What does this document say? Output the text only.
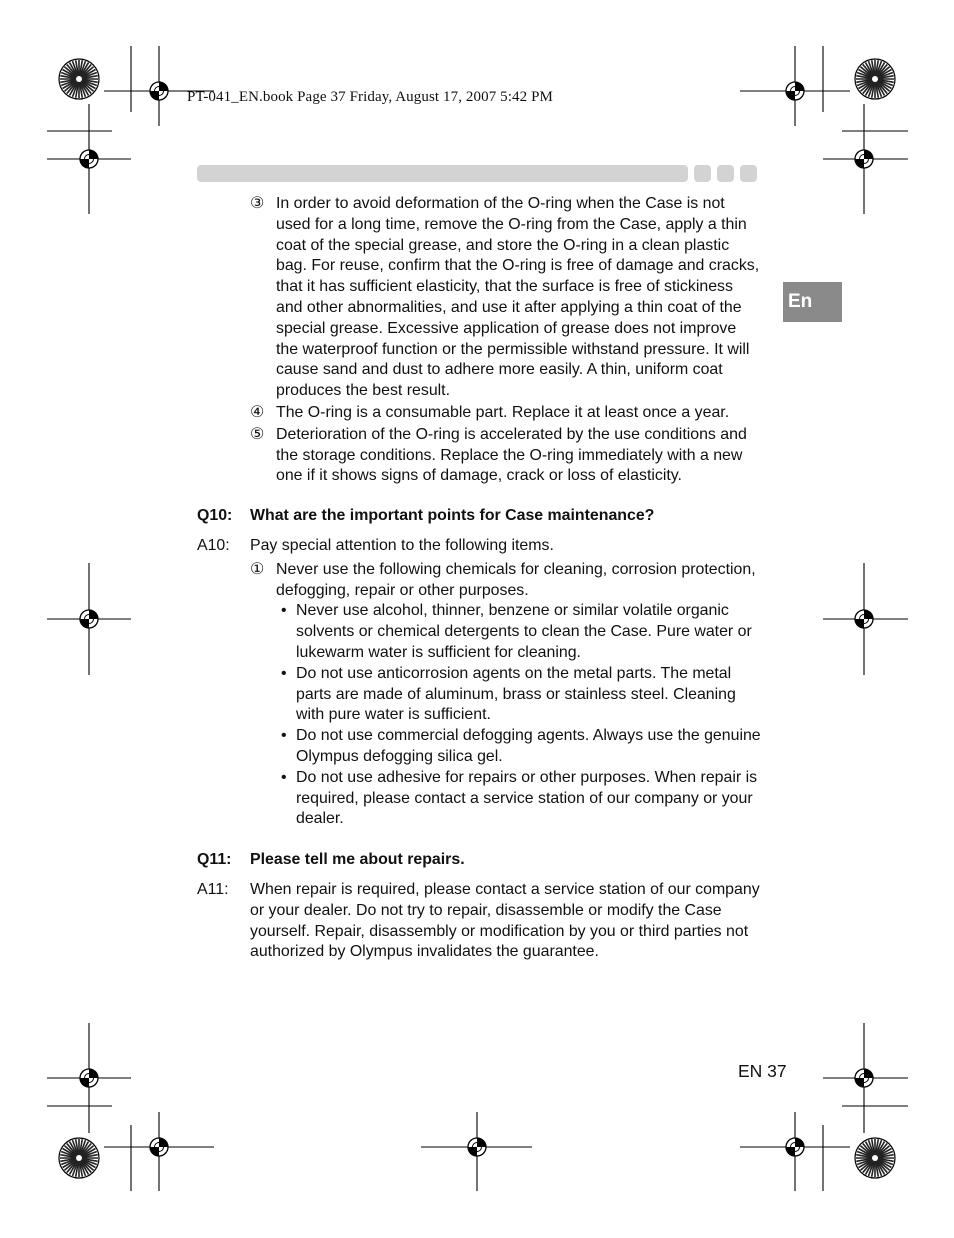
PT-041_EN.book Page 37 Friday, August 17, 2007 5:42 PM
En
③ In order to avoid deformation of the O-ring when the Case is not used for a long time, remove the O-ring from the Case, apply a thin coat of the special grease, and store the O-ring in a clean plastic bag. For reuse, confirm that the O-ring is free of damage and cracks, that it has sufficient elasticity, that the surface is free of stickiness and other abnormalities, and use it after applying a thin coat of the special grease. Excessive application of grease does not improve the waterproof function or the permissible withstand pressure. It will cause sand and dust to adhere more easily. A thin, uniform coat produces the best result.
④ The O-ring is a consumable part. Replace it at least once a year.
⑤ Deterioration of the O-ring is accelerated by the use conditions and the storage conditions. Replace the O-ring immediately with a new one if it shows signs of damage, crack or loss of elasticity.
Q10:	What are the important points for Case maintenance?
A10:	Pay special attention to the following items.
① Never use the following chemicals for cleaning, corrosion protection, defogging, repair or other purposes.
• Never use alcohol, thinner, benzene or similar volatile organic solvents or chemical detergents to clean the Case. Pure water or lukewarm water is sufficient for cleaning.
• Do not use anticorrosion agents on the metal parts. The metal parts are made of aluminum, brass or stainless steel. Cleaning with pure water is sufficient.
• Do not use commercial defogging agents. Always use the genuine Olympus defogging silica gel.
• Do not use adhesive for repairs or other purposes. When repair is required, please contact a service station of our company or your dealer.
Q11:	Please tell me about repairs.
A11:	When repair is required, please contact a service station of our company or your dealer. Do not try to repair, disassemble or modify the Case yourself. Repair, disassembly or modification by you or third parties not authorized by Olympus invalidates the guarantee.
EN 37
